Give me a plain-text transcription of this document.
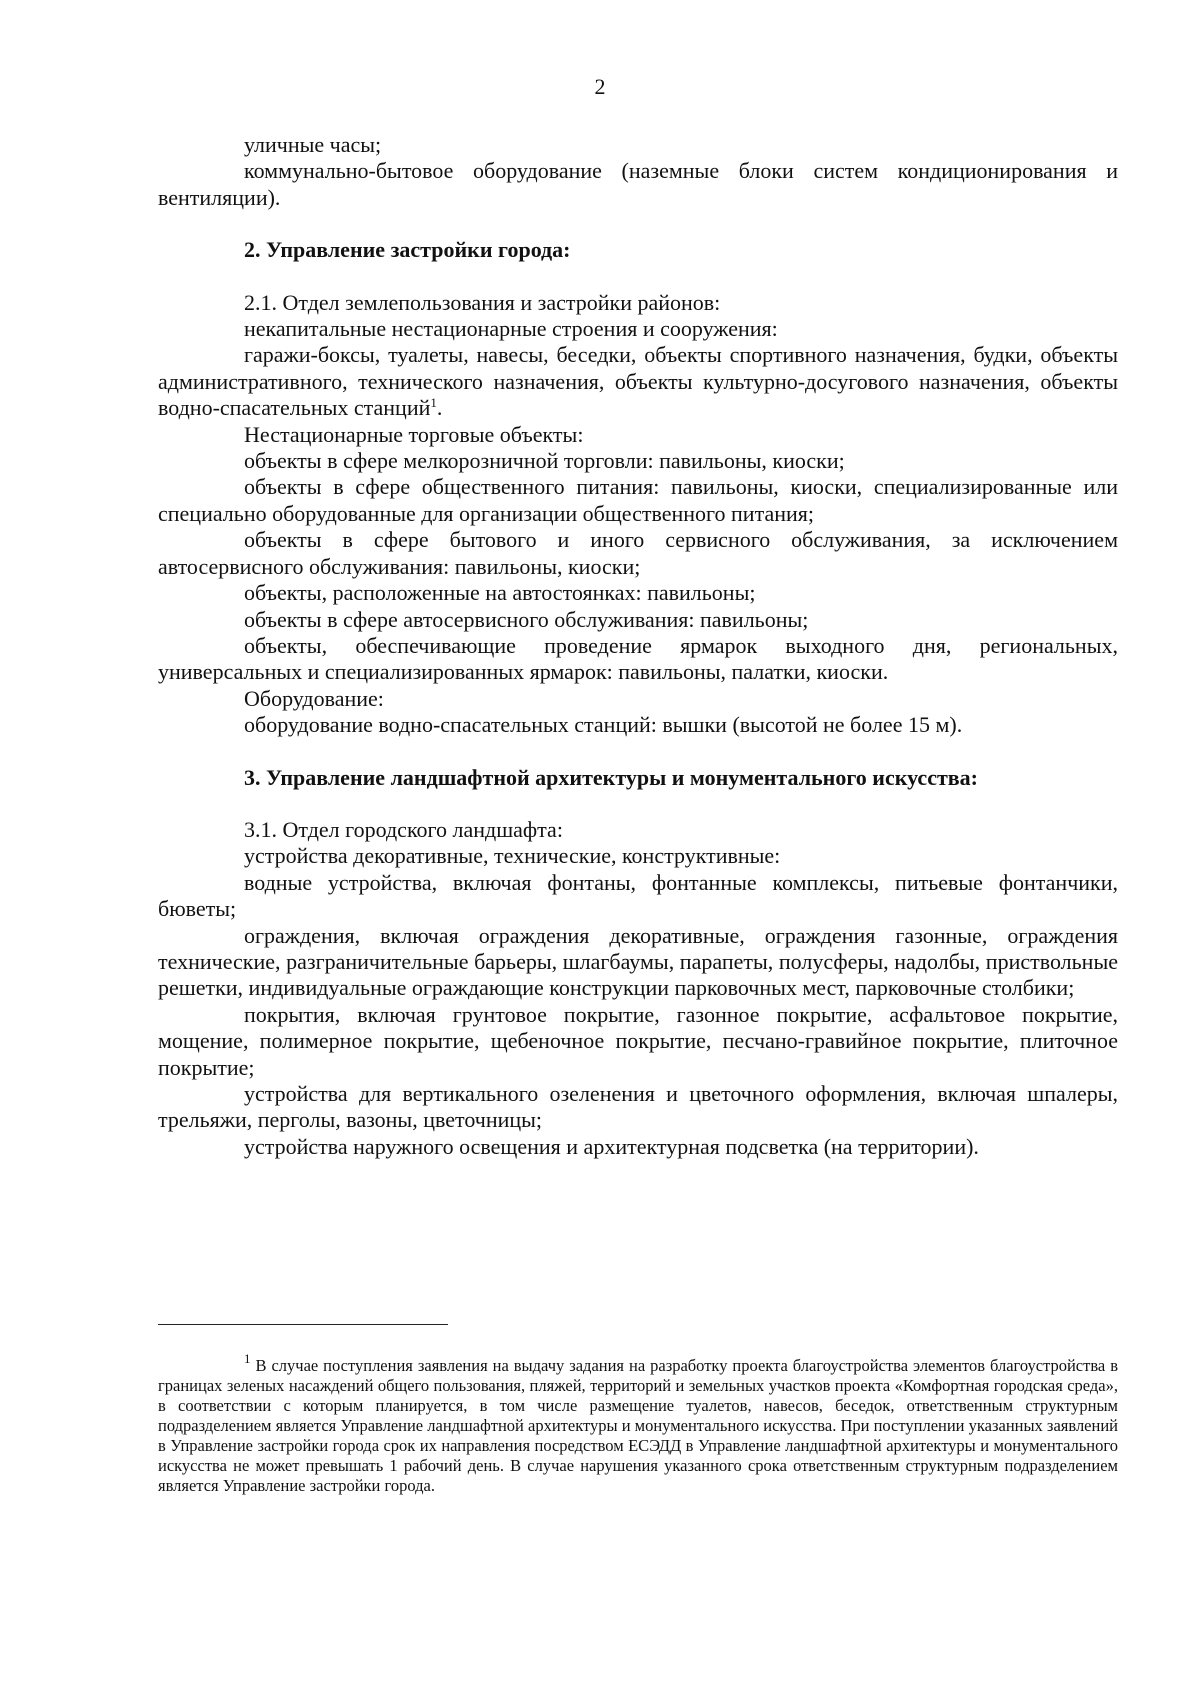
2

уличные часы;

коммунально-бытовое оборудование (наземные блоки систем кондиционирования и вентиляции).

2. Управление застройки города:

2.1. Отдел землепользования и застройки районов:

некапитальные нестационарные строения и сооружения:

гаражи-боксы, туалеты, навесы, беседки, объекты спортивного назначения, будки, объекты административного, технического назначения, объекты культурно-досугового назначения, объекты водно-спасательных станций$^1$.

Нестационарные торговые объекты:

объекты в сфере мелкорозничной торговли: павильоны, киоски;

объекты в сфере общественного питания: павильоны, киоски, специализированные или специально оборудованные для организации общественного питания;

объекты в сфере бытового и иного сервисного обслуживания, за исключением автосервисного обслуживания: павильоны, киоски;

объекты, расположенные на автостоянках: павильоны;

объекты в сфере автосервисного обслуживания: павильоны;

объекты, обеспечивающие проведение ярмарок выходного дня, региональных, универсальных и специализированных ярмарок: павильоны, палатки, киоски.

Оборудование:

оборудование водно-спасательных станций: вышки (высотой не более 15 м).

3. Управление ландшафтной архитектуры и монументального искусства:

3.1. Отдел городского ландшафта:

устройства декоративные, технические, конструктивные:

водные устройства, включая фонтаны, фонтанные комплексы, питьевые фонтанчики, бюветы;

ограждения, включая ограждения декоративные, ограждения газонные, ограждения технические, разграничительные барьеры, шлагбаумы, парапеты, полусферы, надолбы, приствольные решетки, индивидуальные ограждающие конструкции парковочных мест, парковочные столбики;

покрытия, включая грунтовое покрытие, газонное покрытие, асфальтовое покрытие, мощение, полимерное покрытие, щебеночное покрытие, песчано-гравийное покрытие, плиточное покрытие;

устройства для вертикального озеленения и цветочного оформления, включая шпалеры, трельяжи, перголы, вазоны, цветочницы;

устройства наружного освещения и архитектурная подсветка (на территории).

$^1$ В случае поступления заявления на выдачу задания на разработку проекта благоустройства элементов благоустройства в границах зеленых насаждений общего пользования, пляжей, территорий и земельных участков проекта «Комфортная городская среда», в соответствии с которым планируется, в том числе размещение туалетов, навесов, беседок, ответственным структурным подразделением является Управление ландшафтной архитектуры и монументального искусства. При поступлении указанных заявлений в Управление застройки города срок их направления посредством ЕСЭДД в Управление ландшафтной архитектуры и монументального искусства не может превышать 1 рабочий день. В случае нарушения указанного срока ответственным структурным подразделением является Управление застройки города.
